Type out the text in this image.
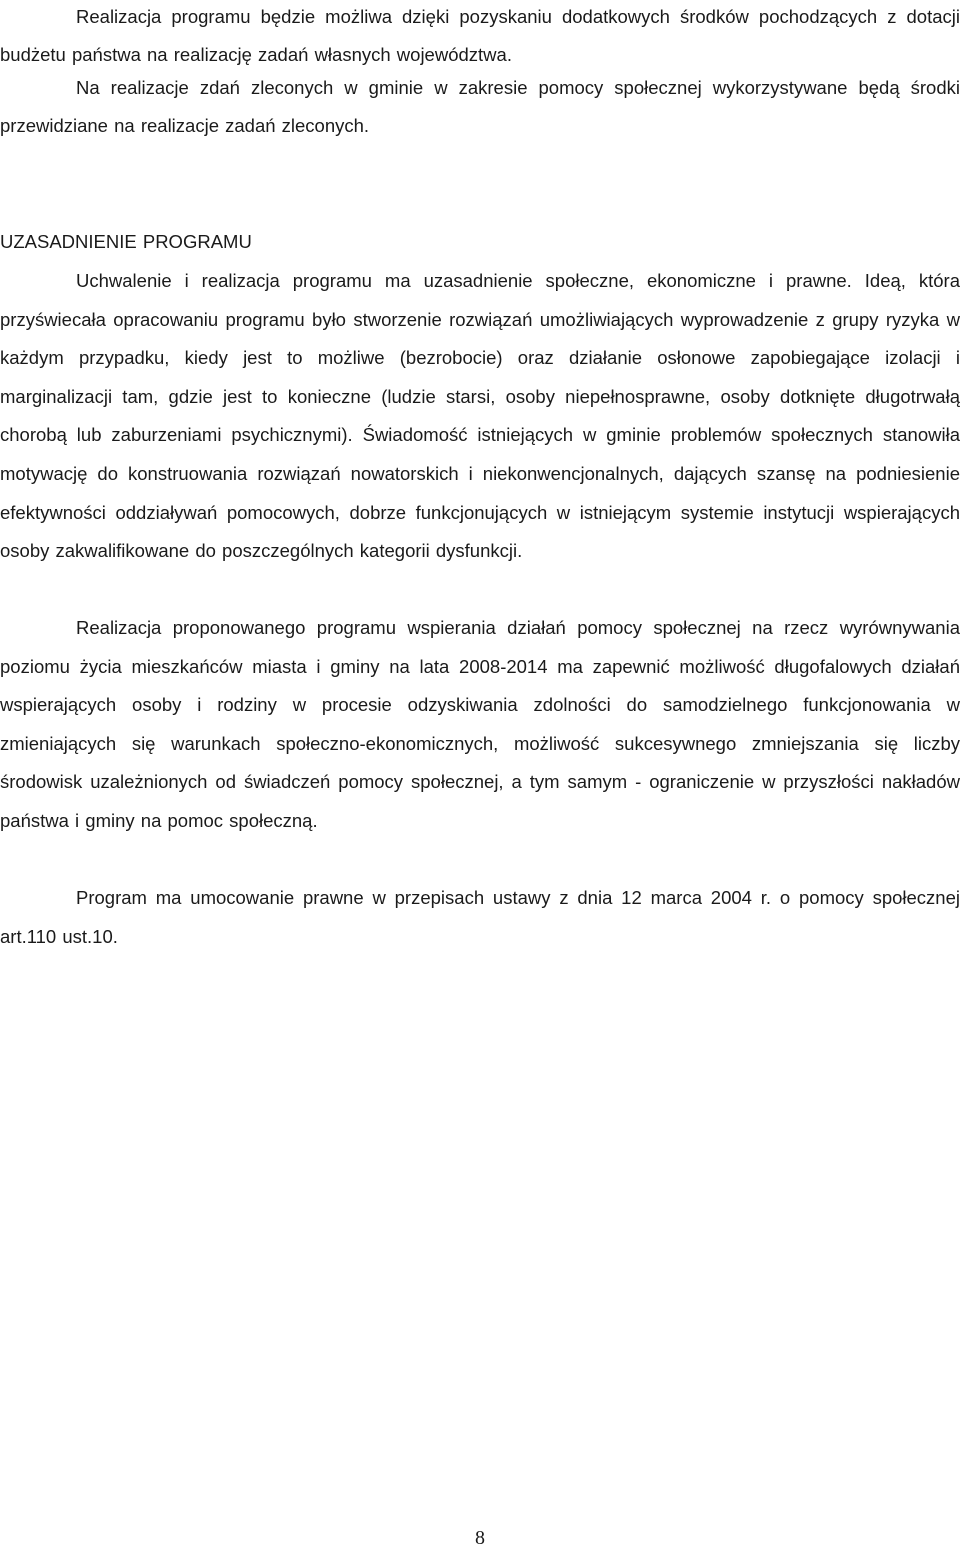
Realizacja programu będzie możliwa dzięki pozyskaniu dodatkowych środków pochodzących z dotacji budżetu państwa na realizację zadań własnych województwa.

Na realizacje zdań zleconych w gminie w zakresie pomocy społecznej wykorzystywane będą środki przewidziane na realizacje zadań zleconych.

UZASADNIENIE PROGRAMU

Uchwalenie i realizacja programu ma uzasadnienie społeczne, ekonomiczne i prawne. Ideą, która przyświecała opracowaniu programu było stworzenie rozwiązań umożliwiających wyprowadzenie z grupy ryzyka w każdym przypadku, kiedy jest to możliwe (bezrobocie) oraz działanie osłonowe zapobiegające izolacji i marginalizacji tam, gdzie jest to konieczne (ludzie starsi, osoby niepełnosprawne, osoby dotknięte długotrwałą chorobą lub zaburzeniami psychicznymi). Świadomość istniejących w gminie problemów społecznych stanowiła motywację do konstruowania rozwiązań nowatorskich i niekonwencjonalnych, dających szansę na podniesienie efektywności oddziaływań pomocowych, dobrze funkcjonujących w istniejącym systemie instytucji wspierających osoby zakwalifikowane do poszczególnych kategorii dysfunkcji.

Realizacja proponowanego programu wspierania działań pomocy społecznej na rzecz wyrównywania poziomu życia mieszkańców miasta i gminy na lata 2008-2014 ma zapewnić możliwość długofalowych działań wspierających osoby i rodziny w procesie odzyskiwania zdolności do samodzielnego funkcjonowania w zmieniających się warunkach społeczno-ekonomicznych, możliwość sukcesywnego zmniejszania się liczby środowisk uzależnionych od świadczeń pomocy społecznej, a tym samym - ograniczenie w przyszłości nakładów państwa i gminy na pomoc społeczną.

Program ma umocowanie prawne w przepisach ustawy z dnia 12 marca 2004 r. o pomocy społecznej art.110 ust.10.

8
